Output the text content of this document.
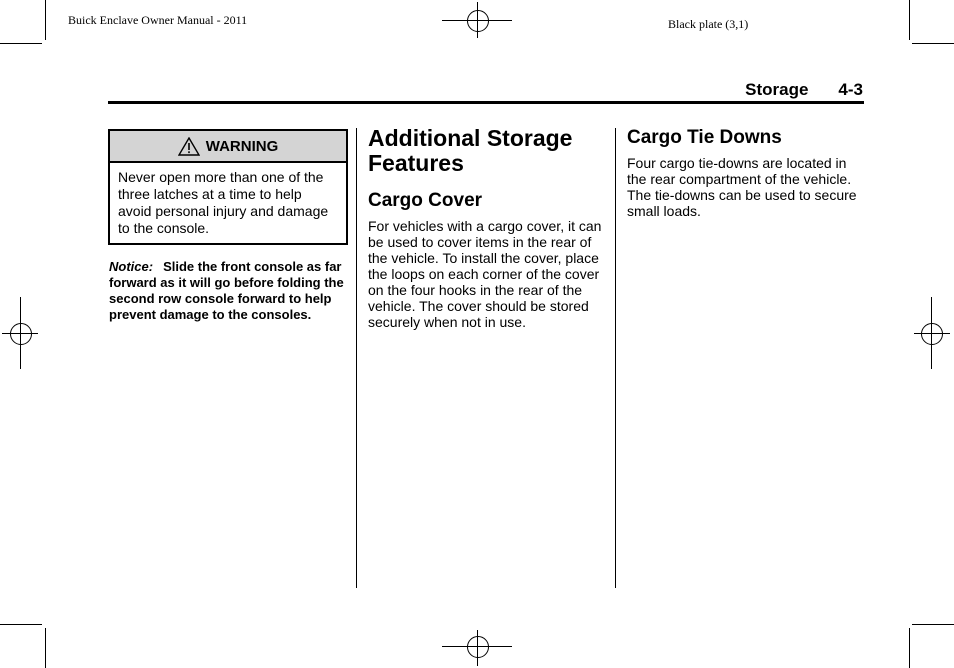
Buick Enclave Owner Manual - 2011	Black plate (3,1)
Storage 4-3
WARNING
Never open more than one of the three latches at a time to help avoid personal injury and damage to the console.
Notice: Slide the front console as far forward as it will go before folding the second row console forward to help prevent damage to the consoles.
Additional Storage Features
Cargo Cover
For vehicles with a cargo cover, it can be used to cover items in the rear of the vehicle. To install the cover, place the loops on each corner of the cover on the four hooks in the rear of the vehicle. The cover should be stored securely when not in use.
Cargo Tie Downs
Four cargo tie-downs are located in the rear compartment of the vehicle. The tie-downs can be used to secure small loads.
